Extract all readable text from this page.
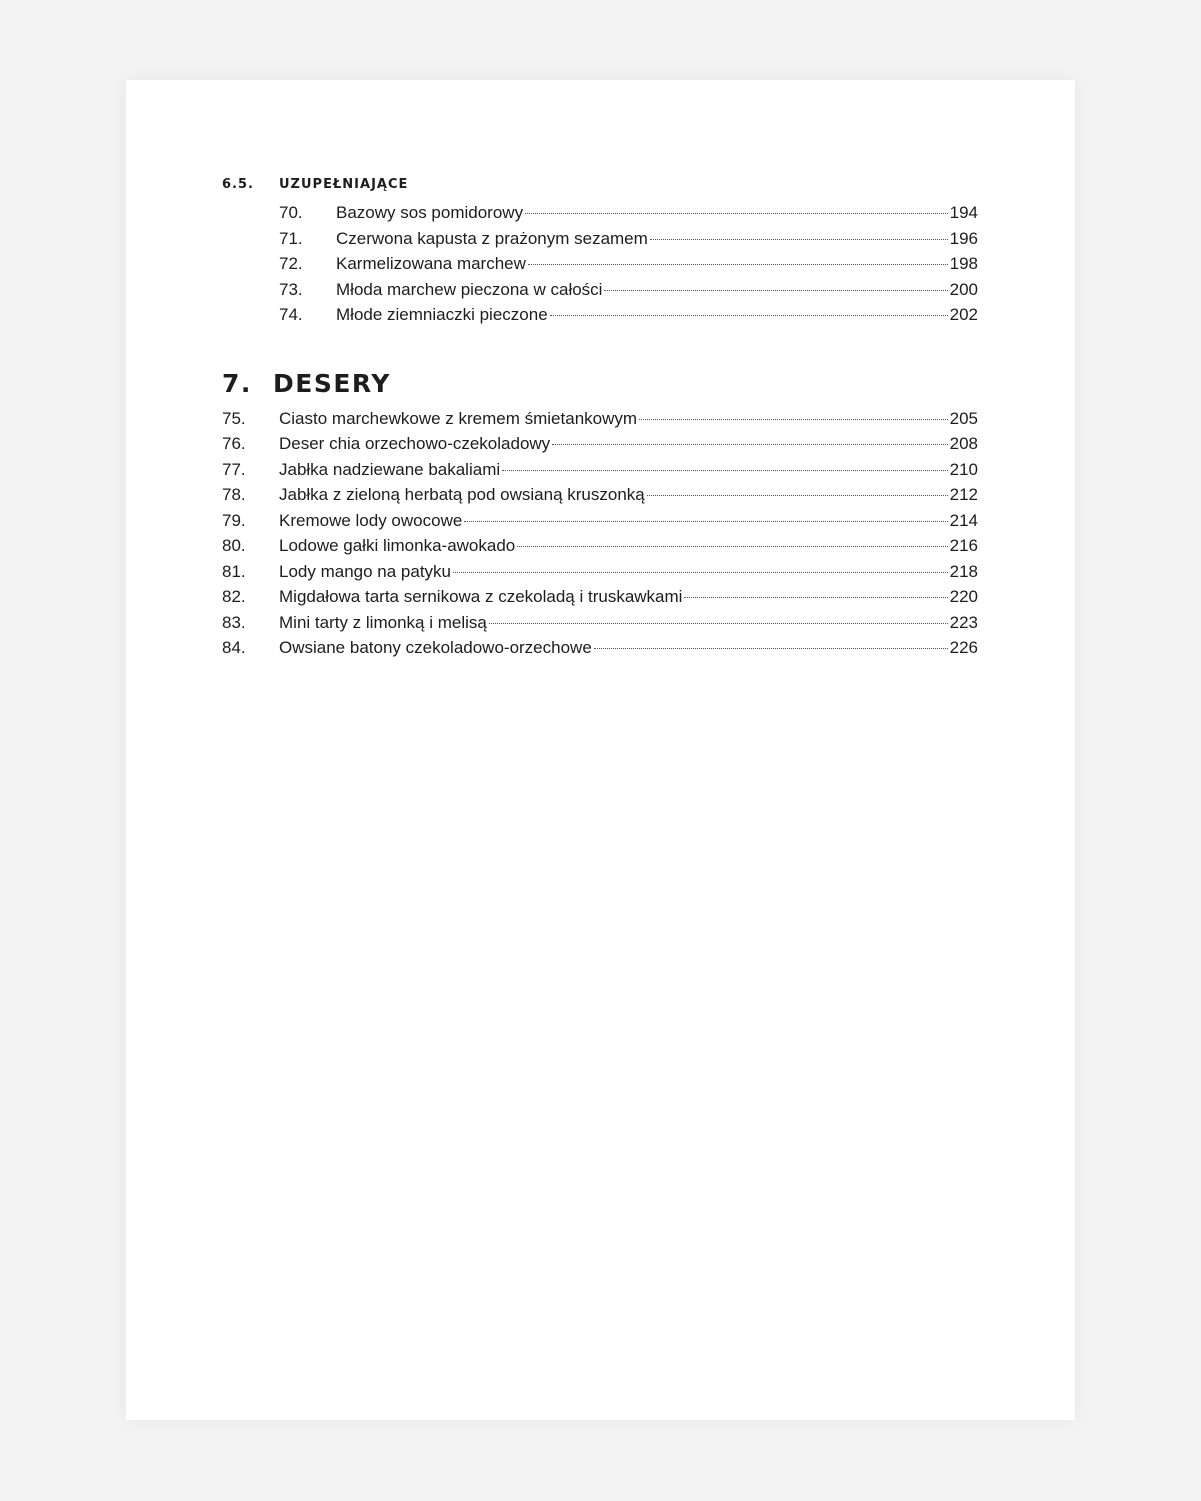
6.5.	UZUPEŁNIAJĄCE
70.	Bazowy sos pomidorowy	194
71.	Czerwona kapusta z prażonym sezamem	196
72.	Karmelizowana marchew	198
73.	Młoda marchew pieczona w całości	200
74.	Młode ziemniaczki pieczone	202
7. DESERY
75.	Ciasto marchewkowe z kremem śmietankowym	205
76.	Deser chia orzechowo-czekoladowy	208
77.	Jabłka nadziewane bakaliami	210
78.	Jabłka z zieloną herbatą pod owsianą kruszonką	212
79.	Kremowe lody owocowe	214
80.	Lodowe gałki limonka-awokado	216
81.	Lody mango na patyku	218
82.	Migdałowa tarta sernikowa z czekoladą i truskawkami	220
83.	Mini tarty z limonką i melisą	223
84.	Owsiane batony czekoladowo-orzechowe	226
